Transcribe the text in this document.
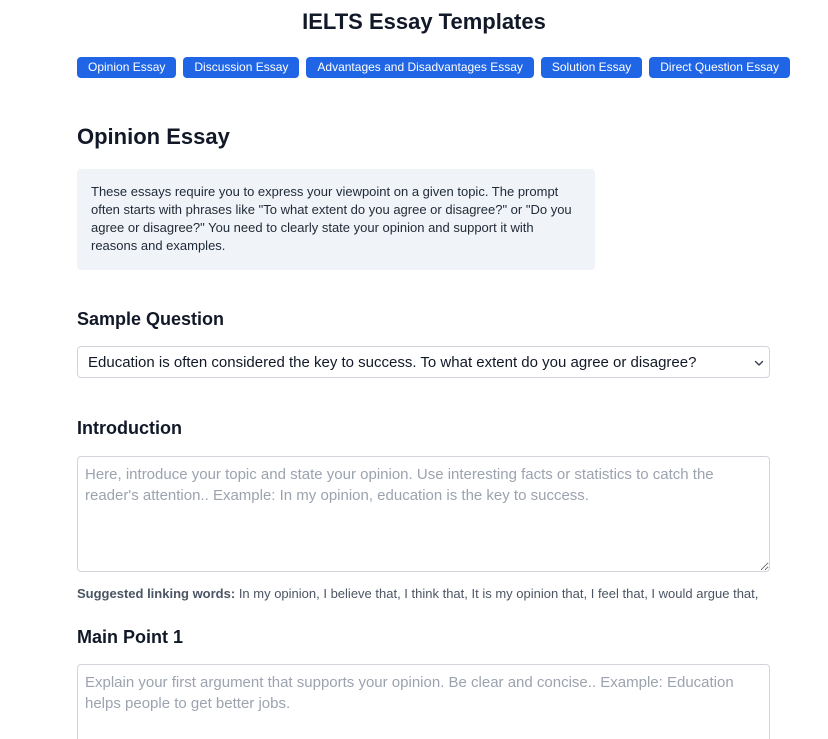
IELTS Essay Templates
Opinion Essay	Discussion Essay	Advantages and Disadvantages Essay	Solution Essay	Direct Question Essay
Opinion Essay
These essays require you to express your viewpoint on a given topic. The prompt often starts with phrases like "To what extent do you agree or disagree?" or "Do you agree or disagree?" You need to clearly state your opinion and support it with reasons and examples.
Sample Question
Education is often considered the key to success. To what extent do you agree or disagree?
Introduction
Here, introduce your topic and state your opinion. Use interesting facts or statistics to catch the reader's attention.. Example: In my opinion, education is the key to success.
Suggested linking words: In my opinion, I believe that, I think that, It is my opinion that, I feel that, I would argue that,
Main Point 1
Explain your first argument that supports your opinion. Be clear and concise.. Example: Education helps people to get better jobs.
